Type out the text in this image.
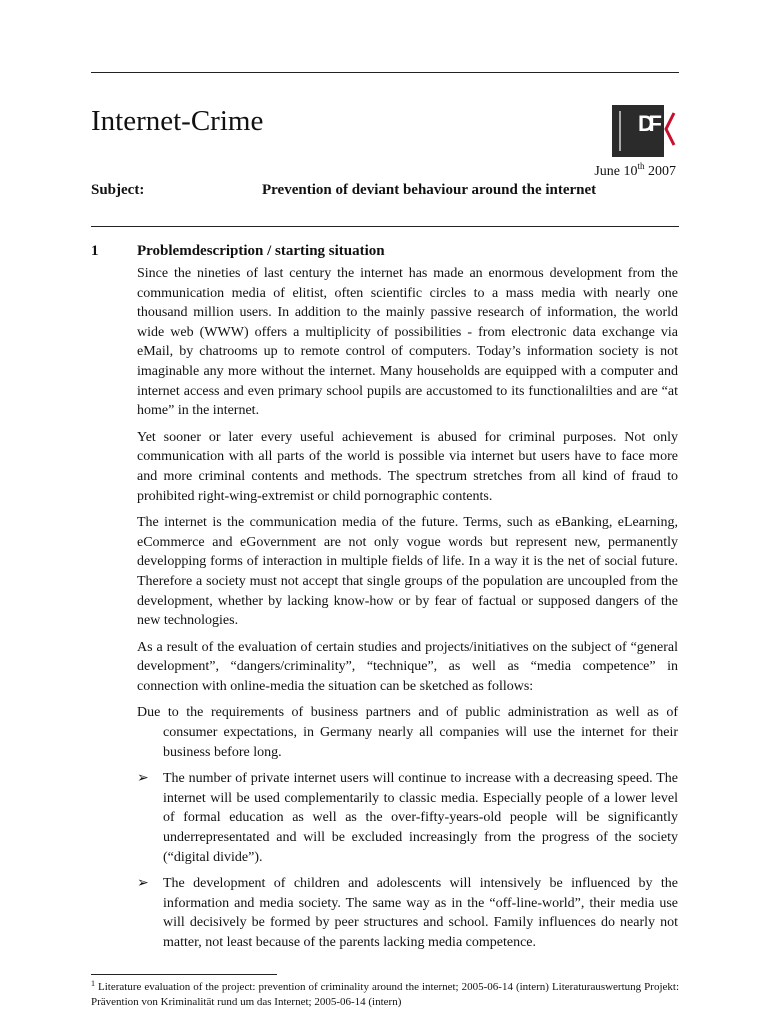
Internet-Crime	DF
June 10th 2007
Subject:	Prevention of deviant behaviour around the internet
1	Problemdescription / starting situation

Since the nineties of last century the internet has made an enormous development from the communication media of elitist, often scientific circles to a mass media with nearly one thousand million users. In addition to the mainly passive research of information, the world wide web (WWW) offers a multiplicity of possibilities - from electronic data exchange via eMail, by chatrooms up to remote control of computers. Today’s information society is not imaginable any more without the internet. Many households are equipped with a computer and internet access and even primary school pupils are accustomed to its functionalilties and are “at home” in the internet.

Yet sooner or later every useful achievement is abused for criminal purposes. Not only communication with all parts of the world is possible via internet but users have to face more and more criminal contents and methods. The spectrum stretches from all kind of fraud to prohibited right-wing-extremist or child pornographic contents.

The internet is the communication media of the future. Terms, such as eBanking, eLearning, eCommerce and eGovernment are not only vogue words but represent new, permanently developping forms of interaction in multiple fields of life. In a way it is the net of social future. Therefore a society must not accept that single groups of the population are uncoupled from the development, whether by lacking know-how or by fear of factual or supposed dangers of the new technologies.

As a result of the evaluation of certain studies and projects/initiatives on the subject of “general development”, “dangers/criminality”, “technique”, as well as “media competence” in connection with online-media the situation can be sketched as follows:

Due to the requirements of business partners and of public administration as well as of consumer expectations, in Germany nearly all companies will use the internet for their business before long.

➢ The number of private internet users will continue to increase with a decreasing speed. The internet will be used complementarily to classic media. Especially people of a lower level of formal education as well as the over-fifty-years-old people will be significantly underrepresentated and will be excluded increasingly from the progress of the society (“digital divide”).
➢ The development of children and adolescents will intensively be influenced by the information and media society. The same way as in the “off-line-world”, their media use will decisively be formed by peer structures and school. Family influences do nearly not matter, not least because of the parents lacking media competence.
$^1$ Literature evaluation of the project: prevention of criminality around the internet; 2005-06-14 (intern) Literaturauswertung Projekt: Prävention von Kriminalität rund um das Internet; 2005-06-14 (intern)
